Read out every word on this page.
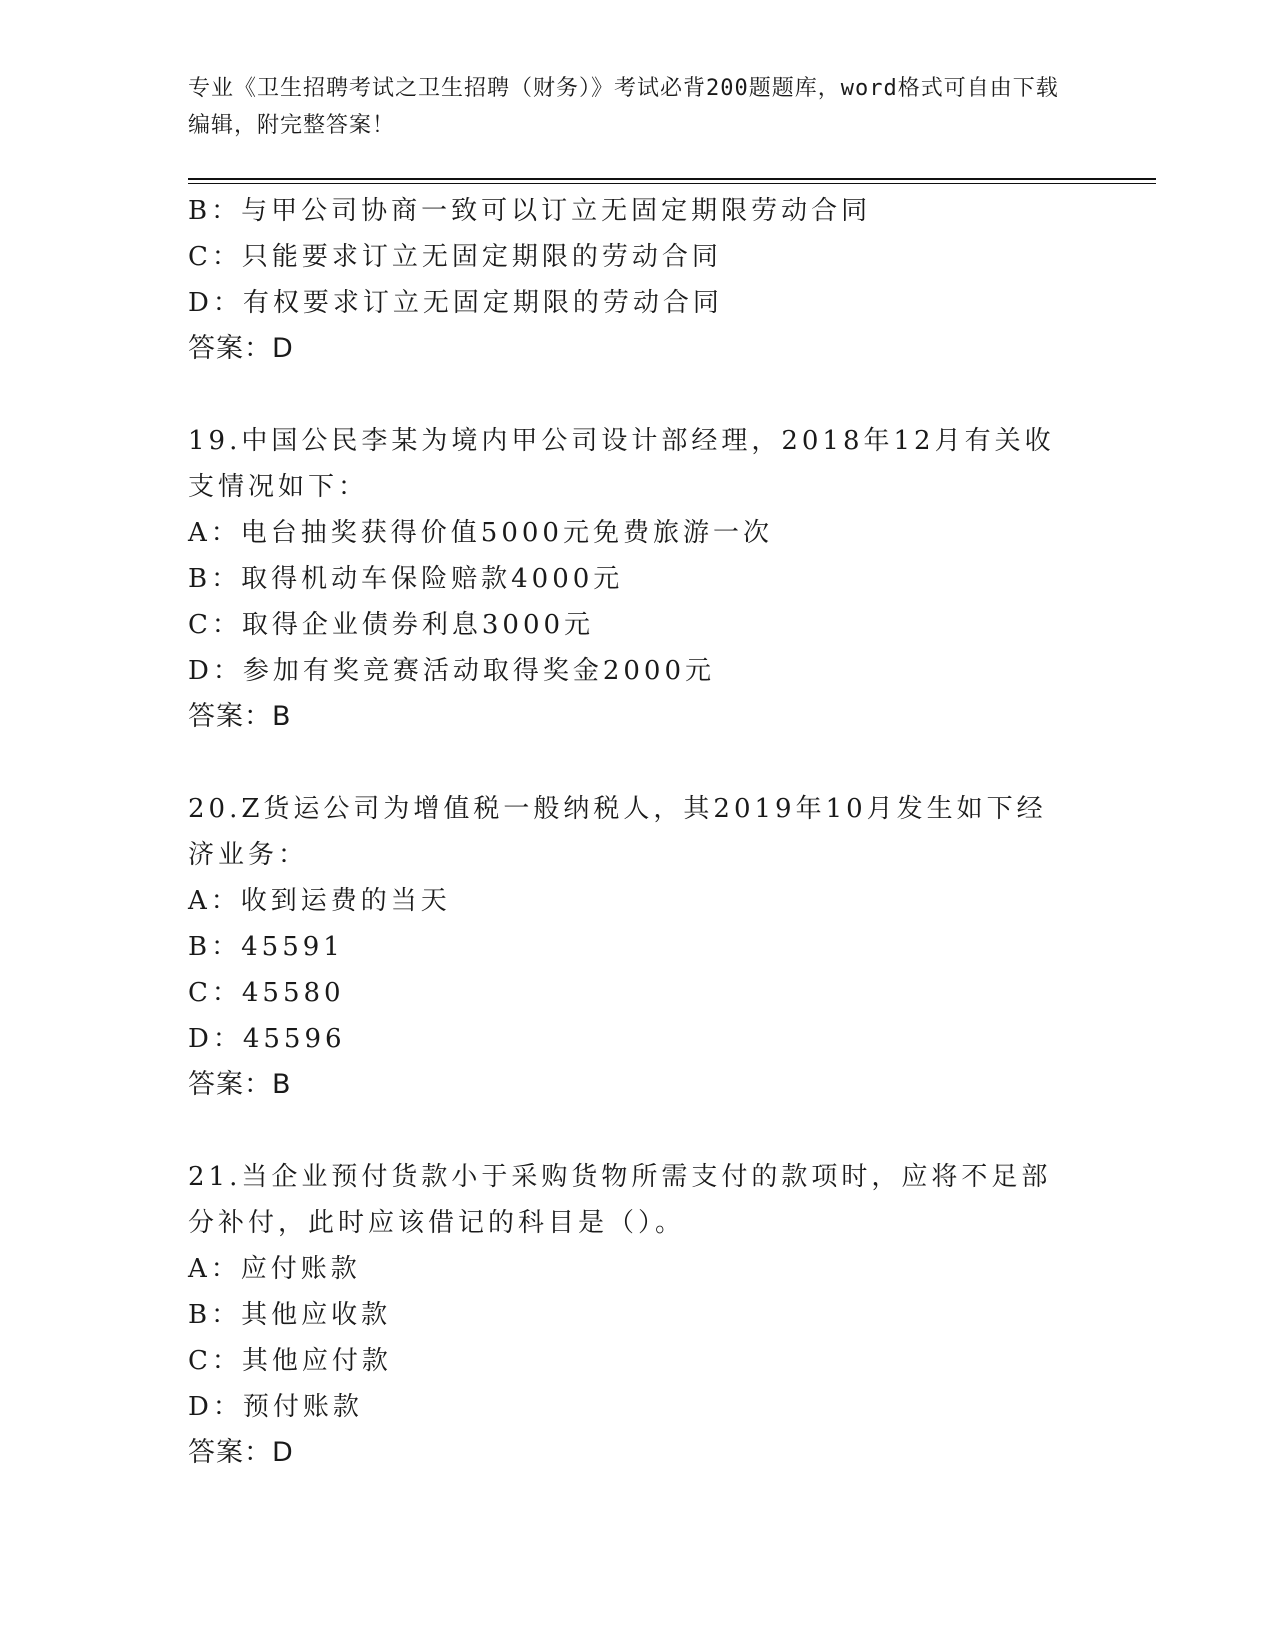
专业《卫生招聘考试之卫生招聘（财务）》考试必背200题题库，word格式可自由下载编辑，附完整答案！
B：与甲公司协商一致可以订立无固定期限劳动合同
C：只能要求订立无固定期限的劳动合同
D：有权要求订立无固定期限的劳动合同
答案：D
19.中国公民李某为境内甲公司设计部经理，2018年12月有关收支情况如下：
A：电台抽奖获得价值5000元免费旅游一次
B：取得机动车保险赔款4000元
C：取得企业债券利息3000元
D：参加有奖竞赛活动取得奖金2000元
答案：B
20.Z货运公司为增值税一般纳税人，其2019年10月发生如下经济业务：
A：收到运费的当天
B：45591
C：45580
D：45596
答案：B
21.当企业预付货款小于采购货物所需支付的款项时，应将不足部分补付，此时应该借记的科目是（）。
A：应付账款
B：其他应收款
C：其他应付款
D：预付账款
答案：D
